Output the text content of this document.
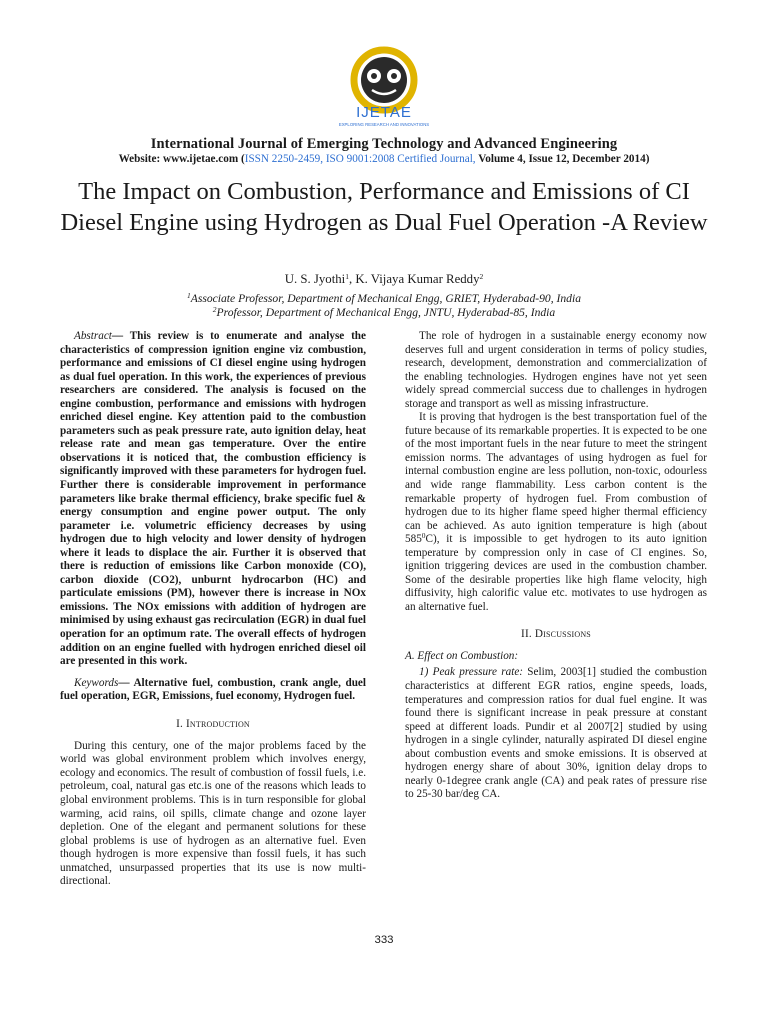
IJETAE
EXPLORING RESEARCH AND INNOVATIONS
International Journal of Emerging Technology and Advanced Engineering
Website: www.ijetae.com (ISSN 2250-2459, ISO 9001:2008 Certified Journal, Volume 4, Issue 12, December 2014)
The Impact on Combustion, Performance and Emissions of CI Diesel Engine using Hydrogen as Dual Fuel Operation -A Review
U. S. Jyothi$^1$, K. Vijaya Kumar Reddy$^2$
$^1$Associate Professor, Department of Mechanical Engg, GRIET, Hyderabad-90, India
$^2$Professor, Department of Mechanical Engg, JNTU, Hyderabad-85, India

Abstract— This review is to enumerate and analyse the characteristics of compression ignition engine viz combustion, performance and emissions of CI diesel engine using hydrogen as dual fuel operation. In this work, the experiences of previous researchers are considered. The analysis is focused on the engine combustion, performance and emissions with hydrogen enriched diesel engine. Key attention paid to the combustion parameters such as peak pressure rate, auto ignition delay, heat release rate and mean gas temperature. Over the entire observations it is noticed that, the combustion efficiency is significantly improved with these parameters for hydrogen fuel. Further there is considerable improvement in performance parameters like brake thermal efficiency, brake specific fuel & energy consumption and engine power output. The only parameter i.e. volumetric efficiency decreases by using hydrogen due to high velocity and lower density of hydrogen where it leads to displace the air. Further it is observed that there is reduction of emissions like Carbon monoxide (CO), carbon dioxide (CO2), unburnt hydrocarbon (HC) and particulate emissions (PM), however there is increase in NOx emissions. The NOx emissions with addition of hydrogen are minimised by using exhaust gas recirculation (EGR) in dual fuel operation for an optimum rate. The overall effects of hydrogen addition on an engine fuelled with hydrogen enriched diesel oil are presented in this work.

Keywords— Alternative fuel, combustion, crank angle, duel fuel operation, EGR, Emissions, fuel economy, Hydrogen fuel.

I. Introduction

During this century, one of the major problems faced by the world was global environment problem which involves energy, ecology and economics. The result of combustion of fossil fuels, i.e. petroleum, coal, natural gas etc.is one of the reasons which leads to global environment problems. This is in turn responsible for global warming, acid rains, oil spills, climate change and ozone layer depletion. One of the elegant and permanent solutions for these global problems is use of hydrogen as an alternative fuel. Even though hydrogen is more expensive than fossil fuels, it has such unmatched, unsurpassed properties that its use is now multi-directional.

The role of hydrogen in a sustainable energy economy now deserves full and urgent consideration in terms of policy studies, research, development, demonstration and commercialization of the enabling technologies. Hydrogen engines have not yet seen widely spread commercial success due to challenges in hydrogen storage and transport as well as missing infrastructure.

It is proving that hydrogen is the best transportation fuel of the future because of its remarkable properties. It is expected to be one of the most important fuels in the near future to meet the stringent emission norms. The advantages of using hydrogen as fuel for internal combustion engine are less pollution, non-toxic, odourless and wide range flammability. Less carbon content is the remarkable property of hydrogen fuel. From combustion of hydrogen due to its higher flame speed higher thermal efficiency can be achieved. As auto ignition temperature is high (about $585^0C$), it is impossible to get hydrogen to its auto ignition temperature by compression only in case of CI engines. So, ignition triggering devices are used in the combustion chamber. Some of the desirable properties like high flame velocity, high diffusivity, high calorific value etc. motivates to use hydrogen as an alternative fuel.

II. Discussions
A. Effect on Combustion:

1) Peak pressure rate: Selim, 2003[1] studied the combustion characteristics at different EGR ratios, engine speeds, loads, temperatures and compression ratios for dual fuel engine. It was found there is significant increase in peak pressure at constant speed at different loads. Pundir et al 2007[2] studied by using hydrogen in a single cylinder, naturally aspirated DI diesel engine about combustion events and smoke emissions. It is observed at hydrogen energy share of about 30%, ignition delay drops to nearly 0-1degree crank angle (CA) and peak rates of pressure rise to 25-30 bar/deg CA.

333
